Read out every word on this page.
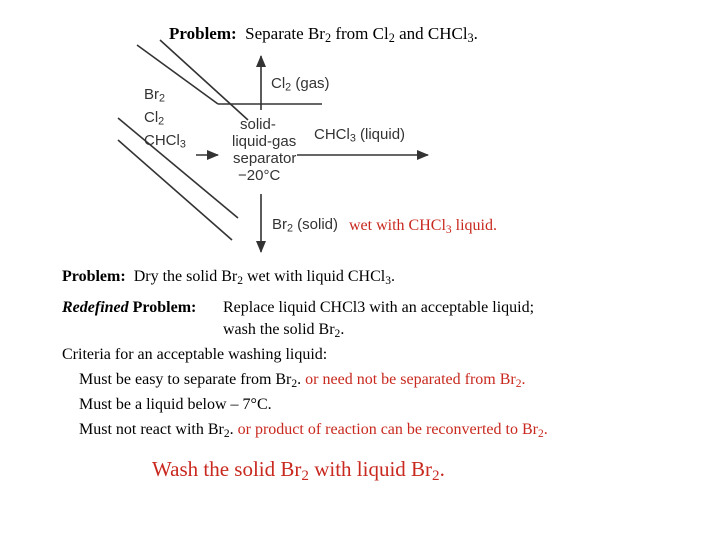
Problem: Separate $Br_2$ from $Cl_2$ and CHCl$_3$.
$Br_2$
$Cl_2$
CHCl$_3$
solid-
liquid-gas
separator
−20°C
$Cl_2$ (gas)
CHCl$_3$ (liquid)
$Br_2$ (solid) wet with CHCl$_3$ liquid.
Problem: Dry the solid $Br_2$ wet with liquid CHCl$_3$.
Redefined Problem: Replace liquid CHCl3 with an acceptable liquid;
wash the solid $Br_2$.
Criteria for an acceptable washing liquid:
Must be easy to separate from $Br_2$. or need not be separated from $Br_2$.
Must be a liquid below – 7°C.
Must not react with $Br_2$. or product of reaction can be reconverted to $Br_2$.
Wash the solid $Br_2$ with liquid $Br_2$.
